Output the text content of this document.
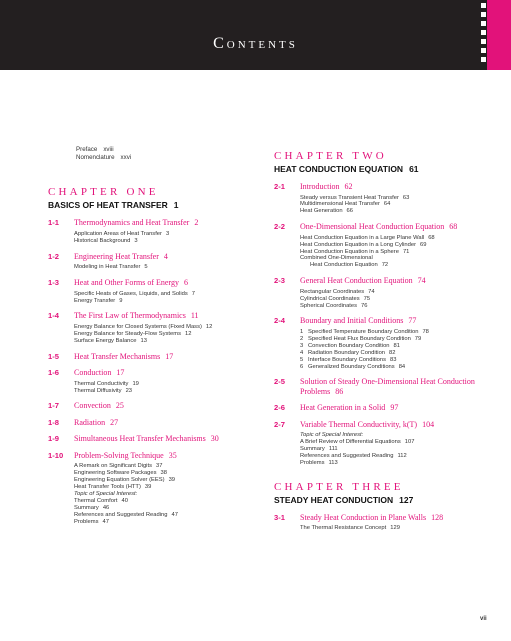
Contents
Preface xviii
Nomenclature xxvi
CHAPTER ONE
BASICS OF HEAT TRANSFER 1
1-1	Thermodynamics and Heat Transfer 2
Application Areas of Heat Transfer 3
Historical Background 3
1-2	Engineering Heat Transfer 4
Modeling in Heat Transfer 5
1-3	Heat and Other Forms of Energy 6
Specific Heats of Gases, Liquids, and Solids 7
Energy Transfer 9
1-4	The First Law of Thermodynamics 11
Energy Balance for Closed Systems (Fixed Mass) 12
Energy Balance for Steady-Flow Systems 12
Surface Energy Balance 13
1-5	Heat Transfer Mechanisms 17
1-6	Conduction 17
Thermal Conductivity 19
Thermal Diffusivity 23
1-7	Convection 25
1-8	Radiation 27
1-9	Simultaneous Heat Transfer Mechanisms 30
1-10	Problem-Solving Technique 35
A Remark on Significant Digits 37
Engineering Software Packages 38
Engineering Equation Solver (EES) 39
Heat Transfer Tools (HTT) 39
Topic of Special Interest:
Thermal Comfort 40
Summary 46
References and Suggested Reading 47
Problems 47
CHAPTER TWO
HEAT CONDUCTION EQUATION 61
2-1	Introduction 62
Steady versus Transient Heat Transfer 63
Multidimensional Heat Transfer 64
Heat Generation 66
2-2	One-Dimensional Heat Conduction Equation 68
Heat Conduction Equation in a Large Plane Wall 68
Heat Conduction Equation in a Long Cylinder 69
Heat Conduction Equation in a Sphere 71
Combined One-Dimensional
Heat Conduction Equation 72
2-3	General Heat Conduction Equation 74
Rectangular Coordinates 74
Cylindrical Coordinates 75
Spherical Coordinates 76
2-4	Boundary and Initial Conditions 77
1 Specified Temperature Boundary Condition 78
2 Specified Heat Flux Boundary Condition 79
3 Convection Boundary Condition 81
4 Radiation Boundary Condition 82
5 Interface Boundary Conditions 83
6 Generalized Boundary Conditions 84
2-5	Solution of Steady One-Dimensional Heat Conduction Problems 86
2-6	Heat Generation in a Solid 97
2-7	Variable Thermal Conductivity, k(T) 104
Topic of Special Interest:
A Brief Review of Differential Equations 107
Summary 111
References and Suggested Reading 112
Problems 113
CHAPTER THREE
STEADY HEAT CONDUCTION 127
3-1	Steady Heat Conduction in Plane Walls 128
The Thermal Resistance Concept 129
vii
